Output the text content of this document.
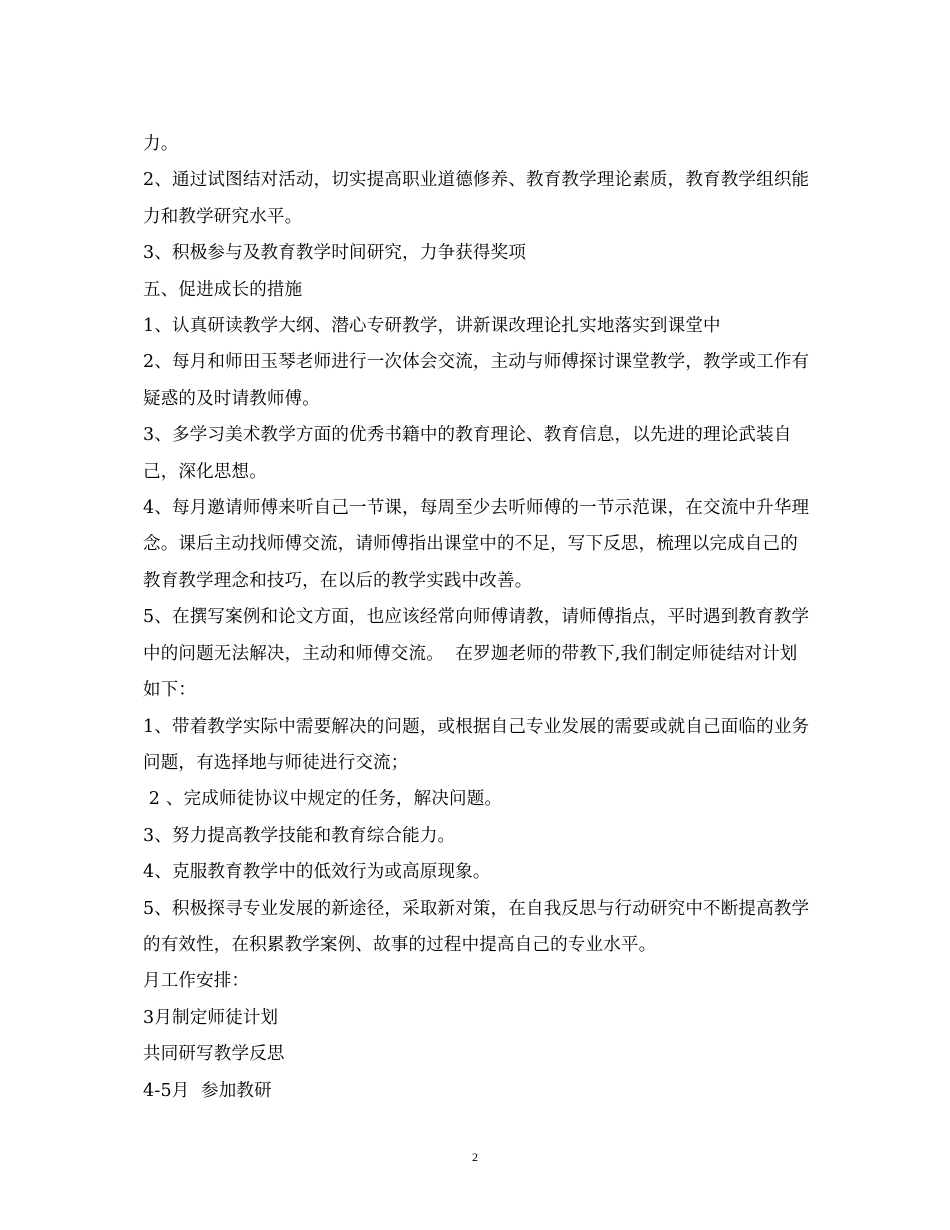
力。

2、通过试图结对活动，切实提高职业道德修养、教育教学理论素质，教育教学组织能力和教学研究水平。

3、积极参与及教育教学时间研究，力争获得奖项

五、促进成长的措施

1、认真研读教学大纲、潜心专研教学，讲新课改理论扎实地落实到课堂中

2、每月和师田玉琴老师进行一次体会交流，主动与师傅探讨课堂教学，教学或工作有疑惑的及时请教师傅。

3、多学习美术教学方面的优秀书籍中的教育理论、教育信息，以先进的理论武装自己，深化思想。

4、每月邀请师傅来听自己一节课，每周至少去听师傅的一节示范课，在交流中升华理念。课后主动找师傅交流，请师傅指出课堂中的不足，写下反思，梳理以完成自己的教育教学理念和技巧，在以后的教学实践中改善。

5、在撰写案例和论文方面，也应该经常向师傅请教，请师傅指点，平时遇到教育教学中的问题无法解决，主动和师傅交流。  在罗迦老师的带教下,我们制定师徒结对计划如下：

1、带着教学实际中需要解决的问题，或根据自己专业发展的需要或就自己面临的业务问题，有选择地与师徒进行交流；

2 、完成师徒协议中规定的任务，解决问题。

3、努力提高教学技能和教育综合能力。

4、克服教育教学中的低效行为或高原现象。

5、积极探寻专业发展的新途径，采取新对策，在自我反思与行动研究中不断提高教学的有效性，在积累教学案例、故事的过程中提高自己的专业水平。

月工作安排：

3月制定师徒计划

共同研写教学反思

4-5月  参加教研

2
